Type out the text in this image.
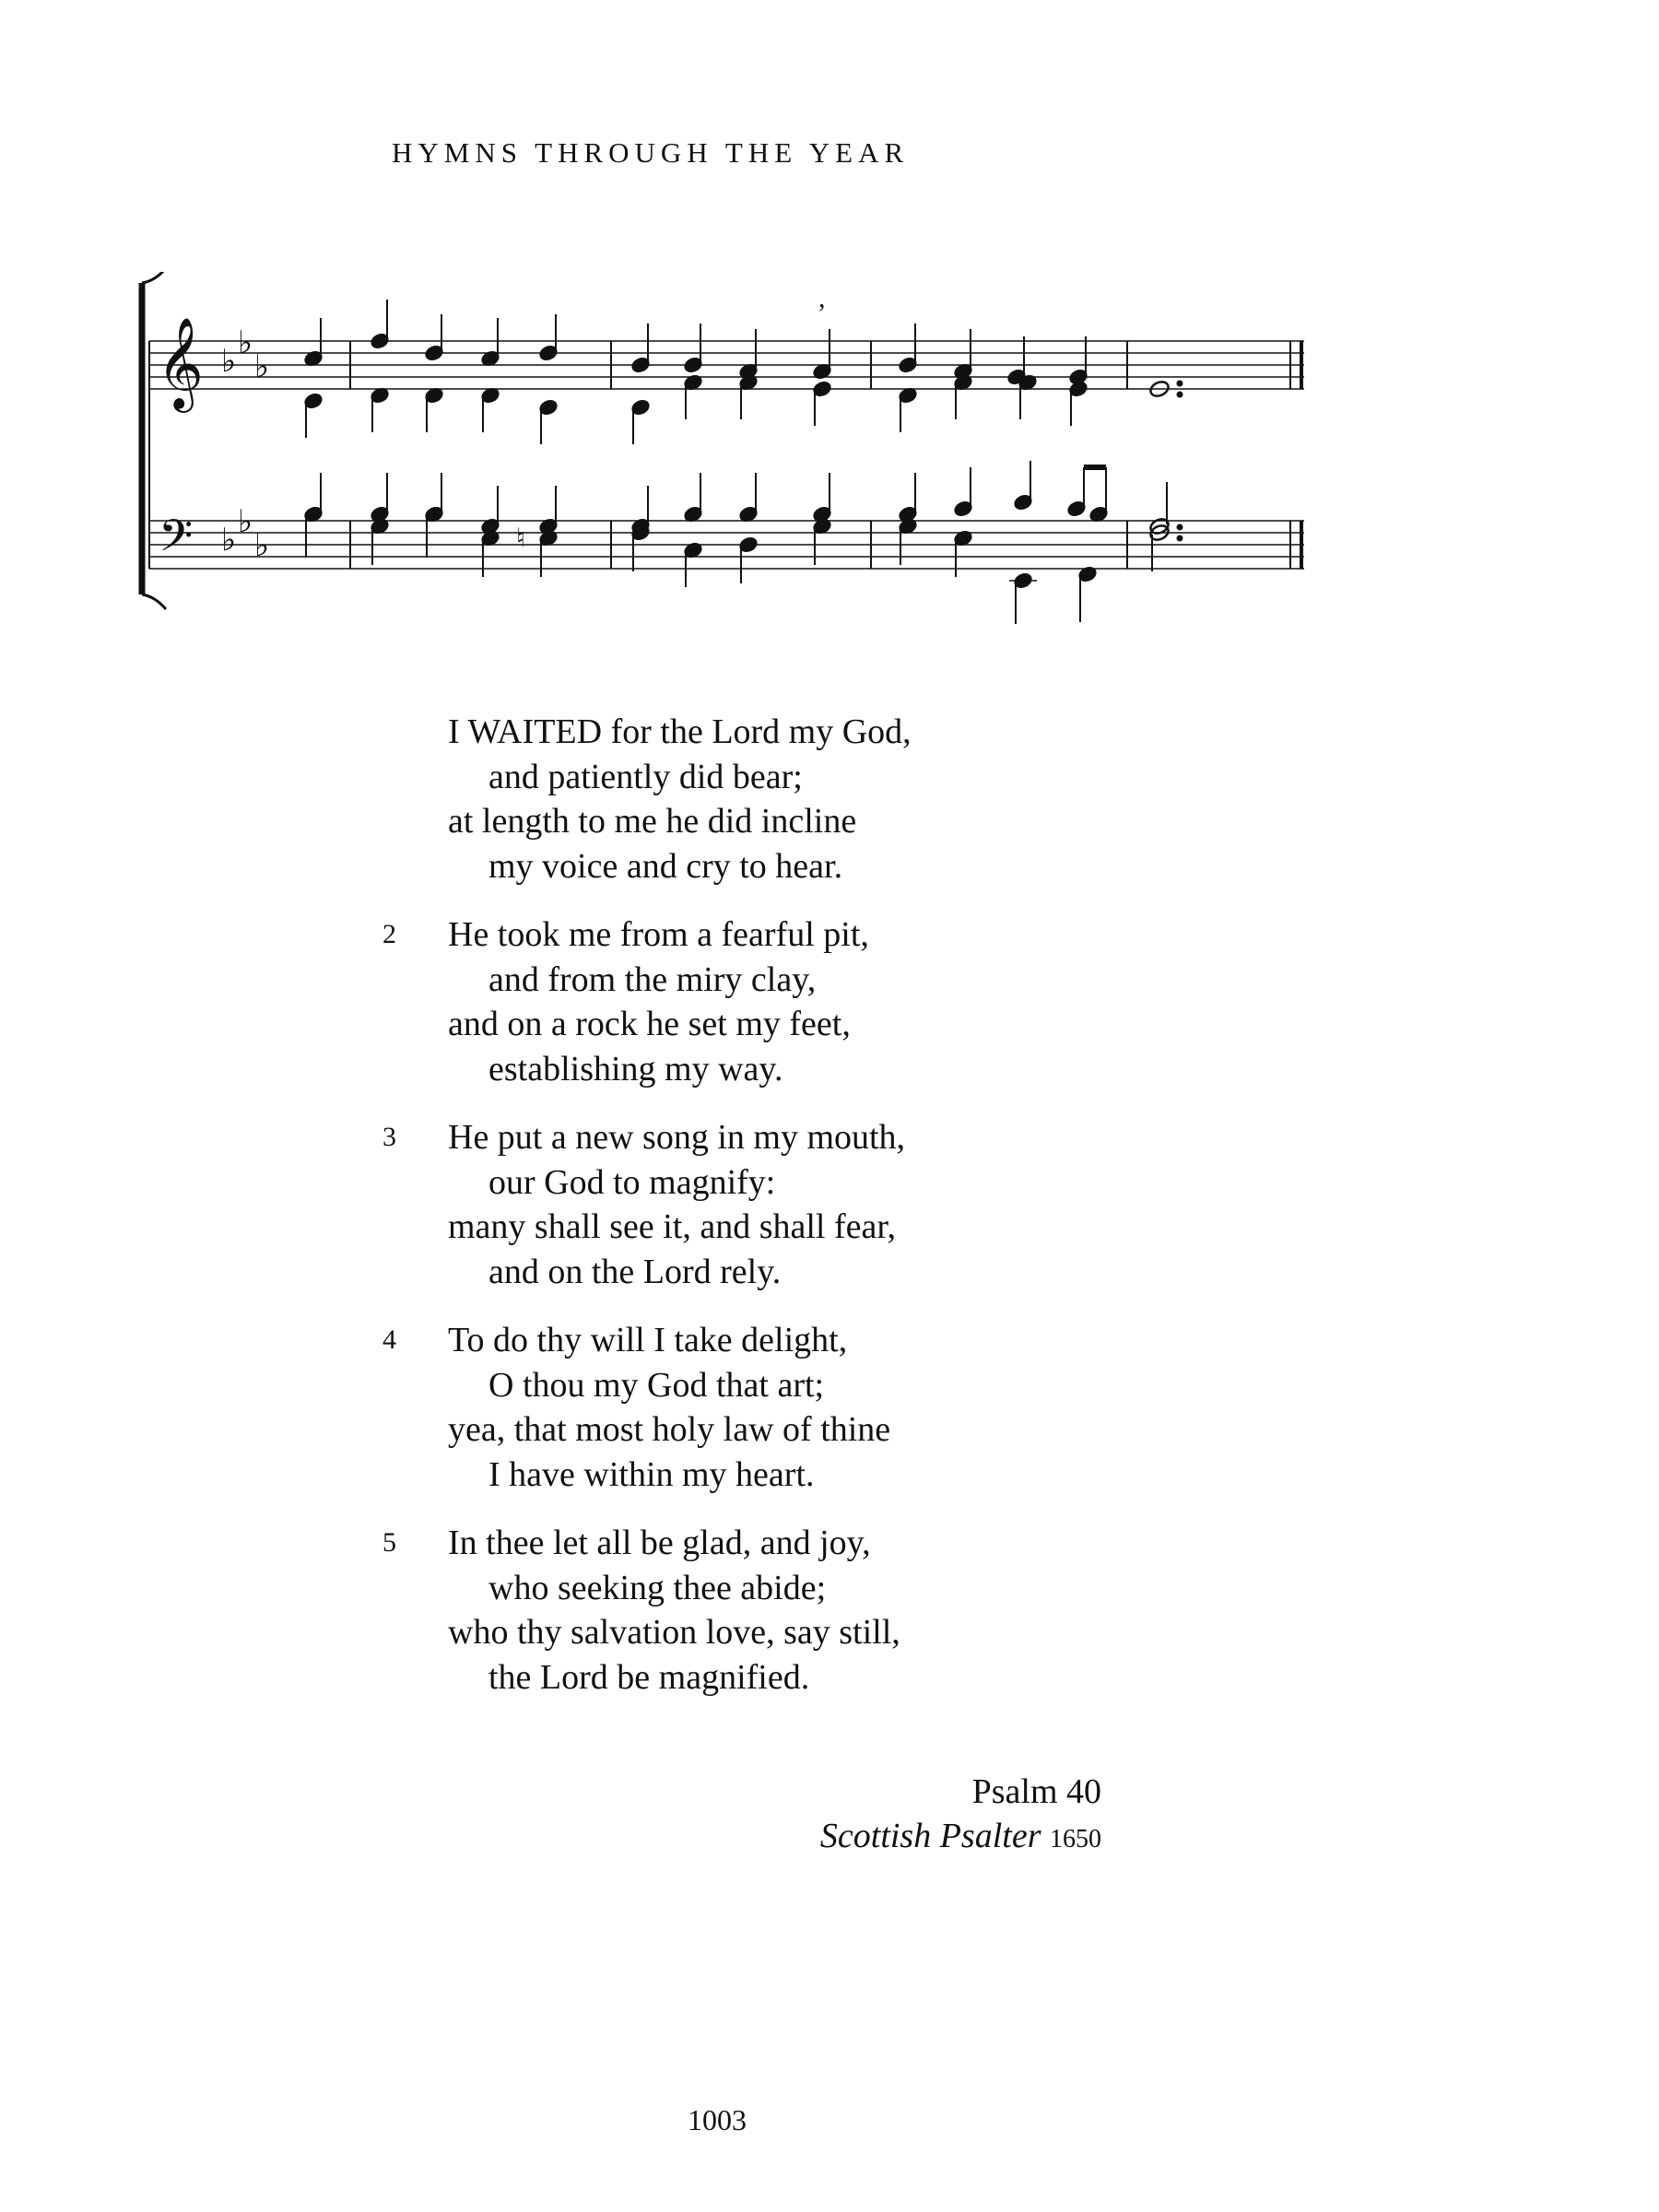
HYMNS THROUGH THE YEAR
𝄞
𝄢
♭ ♭
♭
♭ ♭
♭
,
♮
I WAITED for the Lord my God,
and patiently did bear;
at length to me he did incline
my voice and cry to hear.
2	He took me from a fearful pit,
and from the miry clay,
and on a rock he set my feet,
establishing my way.
3	He put a new song in my mouth,
our God to magnify:
many shall see it, and shall fear,
and on the Lord rely.
4	To do thy will I take delight,
O thou my God that art;
yea, that most holy law of thine
I have within my heart.
5	In thee let all be glad, and joy,
who seeking thee abide;
who thy salvation love, say still,
the Lord be magnified.
Psalm 40
Scottish Psalter 1650
1003
